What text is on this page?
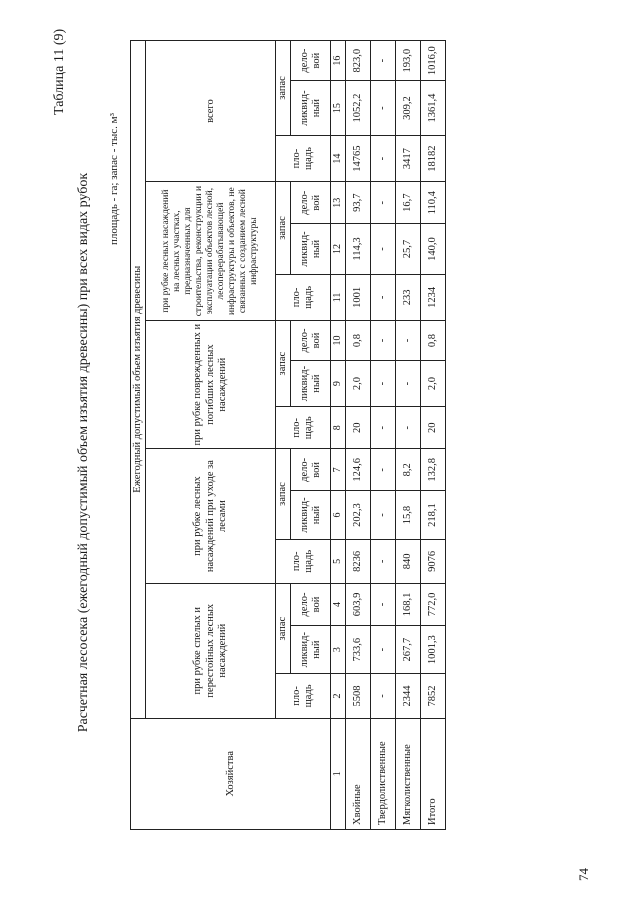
Таблица 11 (9)
Расчетная лесосека (ежегодный допустимый объем изъятия древесины) при всех видах рубок площадь - га; запас - тыс. м³
Хозяйства	Ежегодный допустимый объем изъятия древесины														
	при рубке спелых и перестойных лесных насаждений			при рубке лесных насаждений при уходе за лесами			при рубке поврежденных и погибших лесных насаждений			при рубке лесных насаждений на лесных участках, предназначенных для строительства, реконструкции и эксплуатации объектов лесной, лесоперерабатывающей инфраструктуры и объектов, не связанных с созданием лесной инфраструктуры			всего		
	пло-щадь	запас		пло-щадь	запас		пло-щадь	запас		пло-щадь	запас		пло-щадь	запас	
		ликвид-ный	дело-вой		ликвид-ный	дело-вой		ликвид-ный	дело-вой		ликвид-ный	дело-вой		ликвид-ный	дело-вой
1	2	3	4	5	6	7	8	9	10	11	12	13	14	15	16
Хвойные	5508	733,6	603,9	8236	202,3	124,6	20	2,0	0,8	1001	114,3	93,7	14765	1052,2	823,0
Твердолиственные	-	-	-	-	-	-	-	-	-	-	-	-	-	-	-
Мягколиственные	2344	267,7	168,1	840	15,8	8,2	-	-	-	233	25,7	16,7	3417	309,2	193,0
Итого	7852	1001,3	772,0	9076	218,1	132,8	20	2,0	0,8	1234	140,0	110,4	18182	1361,4	1016,0
74
